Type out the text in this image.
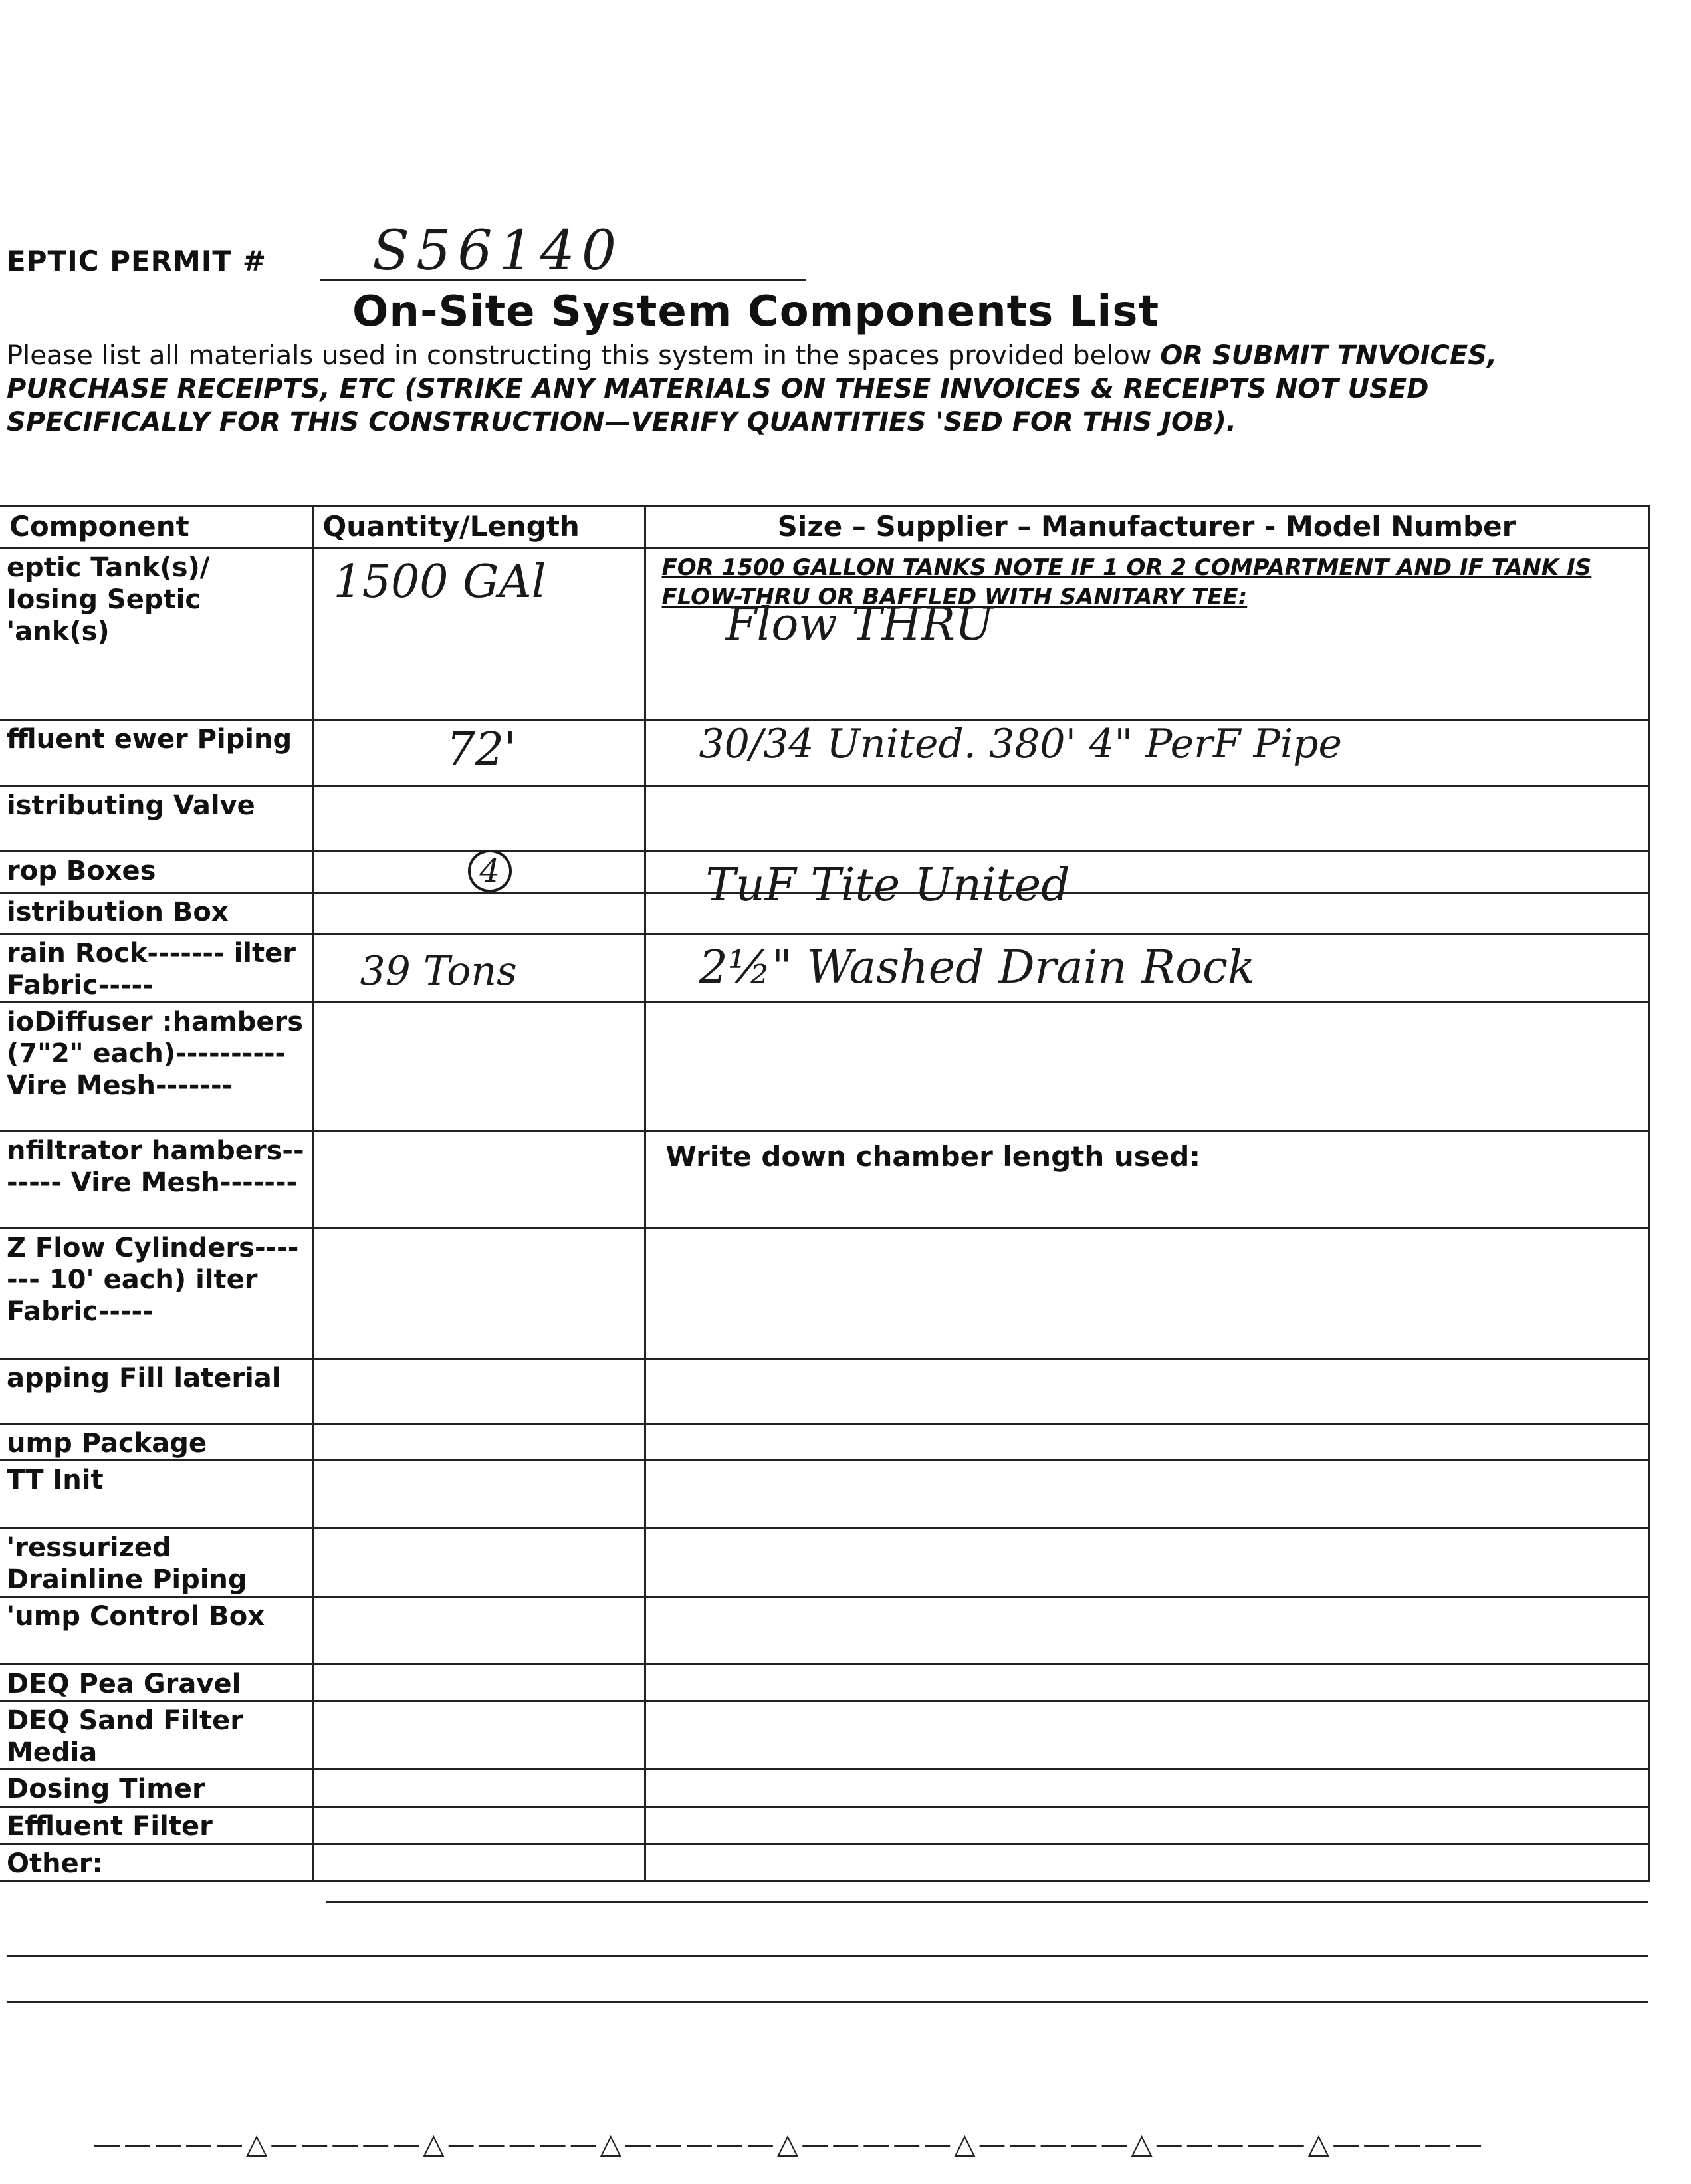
EPTIC PERMIT # S56140
On-Site System Components List
Please list all materials used in constructing this system in the spaces provided below OR SUBMIT TNVOICES, PURCHASE RECEIPTS, ETC (STRIKE ANY MATERIALS ON THESE INVOICES & RECEIPTS NOT USED SPECIFICALLY FOR THIS CONSTRUCTION—VERIFY QUANTITIES 'SED FOR THIS JOB).
Component	Quantity/Length	Size – Supplier – Manufacturer - Model Number
eptic Tank(s)/ Iosing Septic 'ank(s)	1500 GAl	FOR 1500 GALLON TANKS NOTE IF 1 OR 2 COMPARTMENT AND IF TANK IS FLOW-THRU OR BAFFLED WITH SANITARY TEE:
Flow THRU

ffluent ewer Piping	72'	30/34 United. 380' 4" PerF Pipe

istributing Valve		
rop Boxes	4	TuF Tite United

istribution Box		
rain Rock------- ilter Fabric-----	39 Tons	2½" Washed Drain Rock

ioDiffuser :hambers (7"2" each)---------- Vire Mesh-------		
nfiltrator hambers------- Vire Mesh-------		Write down chamber length used:

Z Flow Cylinders------- 10' each) ilter Fabric-----		
apping Fill laterial		
ump Package		
TT Init		
'ressurized Drainline Piping		
'ump Control Box		
DEQ Pea Gravel		
DEQ Sand Filter Media		
Dosing Timer		
Effluent Filter		
Other:		
—————△—————△—————△—————△—————△—————△—————△—————
